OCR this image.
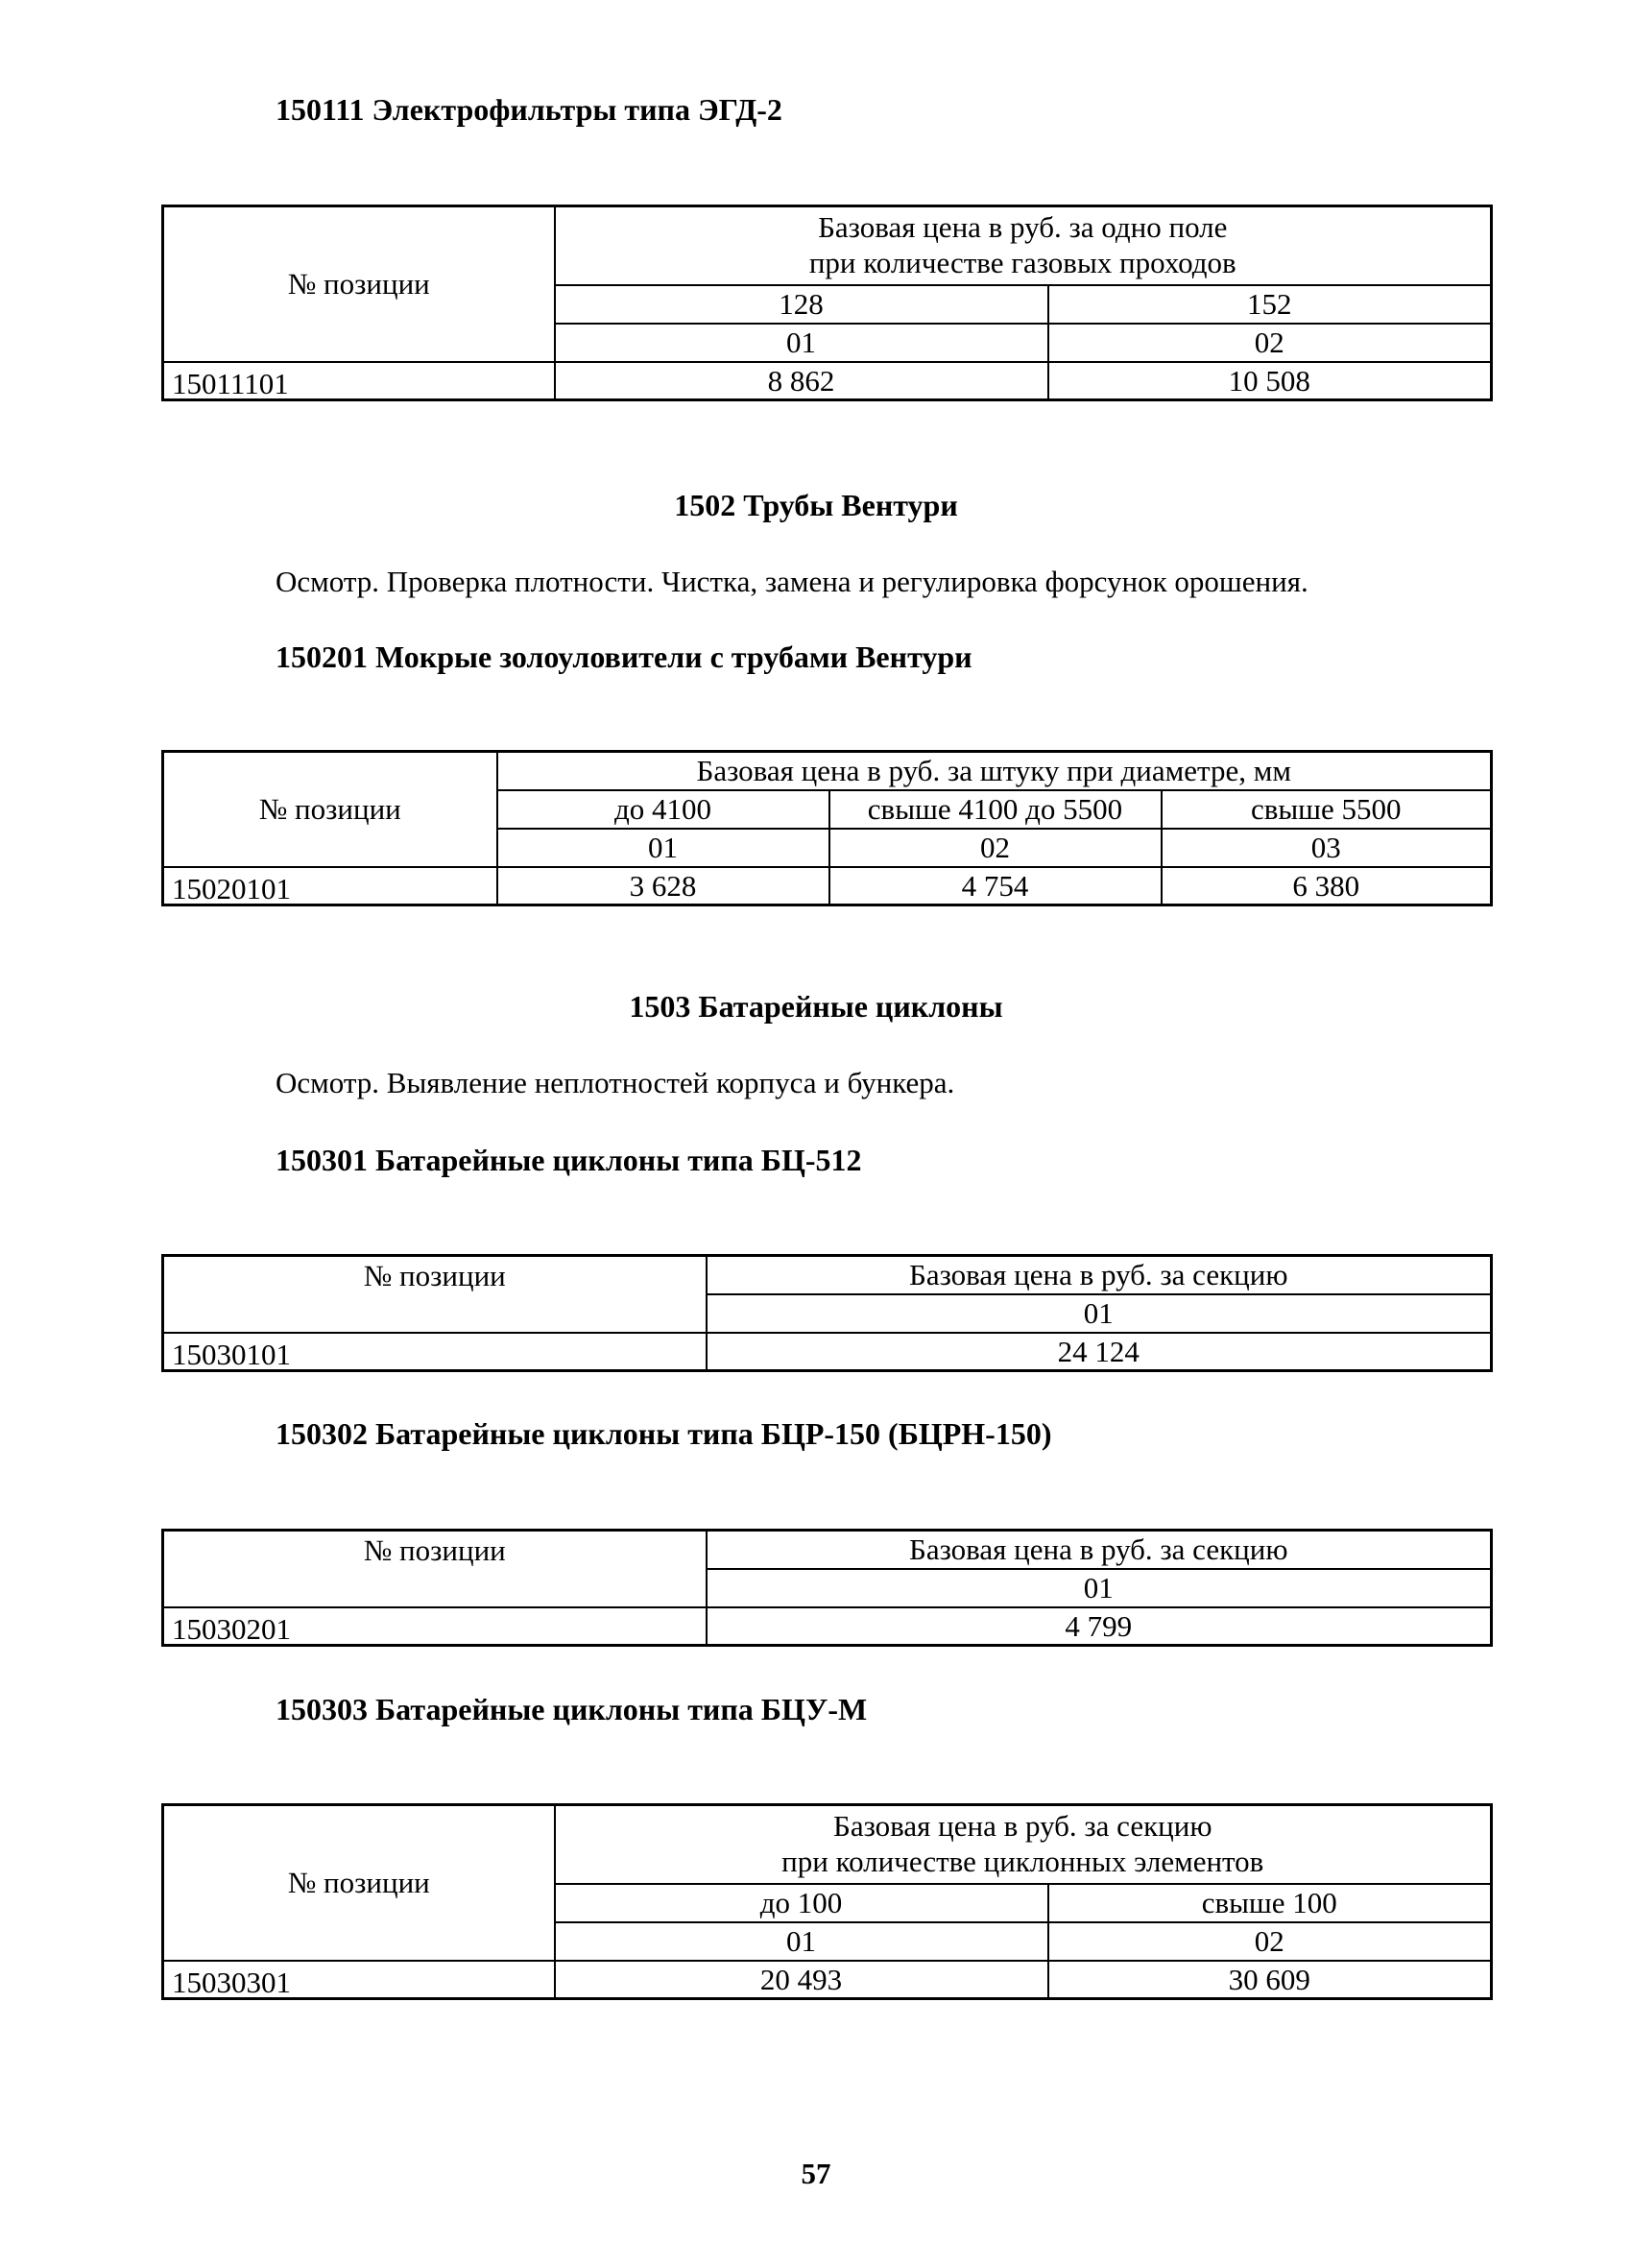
150111 Электрофильтры типа ЭГД-2
№ позиции	Базовая цена в руб. за одно поле
при количестве газовых проходов	

	128	152
	01	02
15011101	8 862	10 508
1502 Трубы Вентури
Осмотр. Проверка плотности. Чистка, замена и регулировка форсунок орошения.
150201 Мокрые золоуловители с трубами Вентури
№ позиции	Базовая цена в руб. за штуку при диаметре, мм		
	до 4100	свыше 4100 до 5500	свыше 5500
	01	02	03
15020101	3 628	4 754	6 380
1503 Батарейные циклоны
Осмотр. Выявление неплотностей корпуса и бункера.
150301 Батарейные циклоны типа БЦ-512
№ позиции	Базовая цена в руб. за секцию
	01
15030101	24 124
150302 Батарейные циклоны типа БЦР-150 (БЦРН-150)
№ позиции	Базовая цена в руб. за секцию
	01
15030201	4 799
150303 Батарейные циклоны типа БЦУ-М
№ позиции	Базовая цена в руб. за секцию
при количестве циклонных элементов	

	до 100	свыше 100
	01	02
15030301	20 493	30 609
57
